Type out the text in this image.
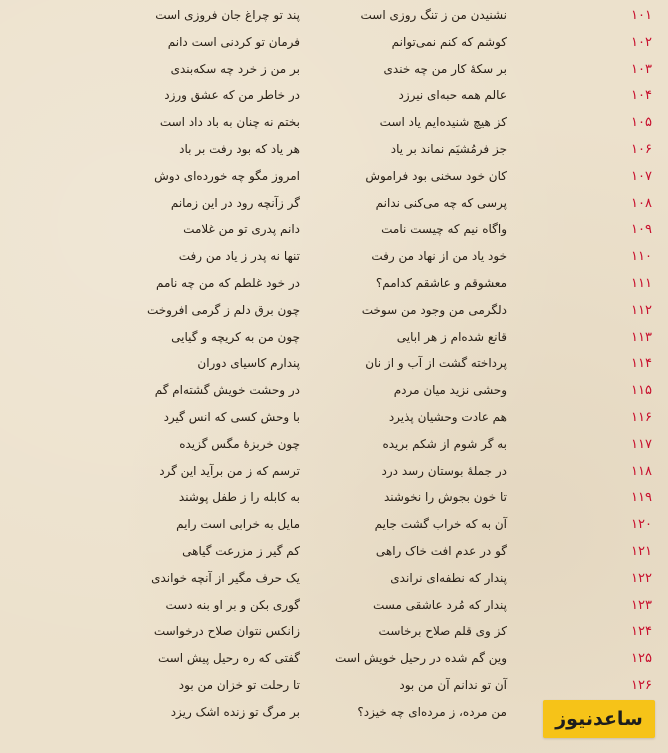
۱۰۱
پند تو چراغ جان فروزی است	نشنیدن من ز تنگ روزی است
۱۰۲
فرمان تو کردنی است دانم	کوشم که کنم نمی‌توانم
۱۰۳
بر من ز خرد چه سکه‌بندی	بر سکهٔ کار من چه خندی
۱۰۴
در خاطر من که عشق ورزد	عالم همه حبه‌ای نیرزد
۱۰۵
بختم نه چنان به باد داد است	کز هیچ شنیده‌ایم یاد است
۱۰۶
هر یاد که بود رفت بر باد	جز فرمُشیَم نماند بر یاد
۱۰۷
امروز مگو چه خورده‌ای دوش	کان خود سخنی بود فراموش
۱۰۸
گر زآنچه رود در این زمانم	پرسی که چه می‌کنی ندانم
۱۰۹
دانم پدری تو من غلامت	واگاه نیم که چیست نامت
۱۱۰
تنها نه پدر ز یاد من رفت	خود یاد من از نهاد من رفت
۱۱۱
در خود غلطم که من چه نامم	معشوقم و عاشقم کدامم؟
۱۱۲
چون برق دلم ز گرمی افروخت	دلگرمی من وجود من سوخت
۱۱۳
چون من به کریچه و گیایی	قانع شده‌ام ز هر ابایی
۱۱۴
پندارم کاسیای دوران	پرداخته گشت از آب و از نان
۱۱۵
در وحشت خویش گشته‌ام گم	وحشی نزید میان مردم
۱۱۶
با وحش کسی که انس گیرد	هم عادت وحشیان پذیرد
۱۱۷
چون خربزهٔ مگس گزیده	به گر شوم از شکم بریده
۱۱۸
ترسم که ز من برآید این گرد	در جملهٔ بوستان رسد درد
۱۱۹
به کابله را ز طفل پوشند	تا خون بجوش را نخوشند
۱۲۰
مایل به خرابی است رایم	آن به که خراب گشت جایم
۱۲۱
کم گیر ز مزرعت گیاهی	گو در عدم افت خاک راهی
۱۲۲
یک حرف مگیر از آنچه خواندی	پندار که نطفه‌ای نراندی
۱۲۳
گوری بکن و بر او بنه دست	پندار که مُرد عاشقی مست
۱۲۴
زانکس نتوان صلاح درخواست	کز وی قلم صلاح برخاست
۱۲۵
گفتی که ره رحیل پیش است	وین گم شده در رحیل خویش است
۱۲۶
تا رحلت تو خزان من بود	آن تو ندانم آن من بود
بر مرگ تو زنده اشک ریزد	من مرده، ز مرده‌ای چه خیزد؟	ساعدنیوز
